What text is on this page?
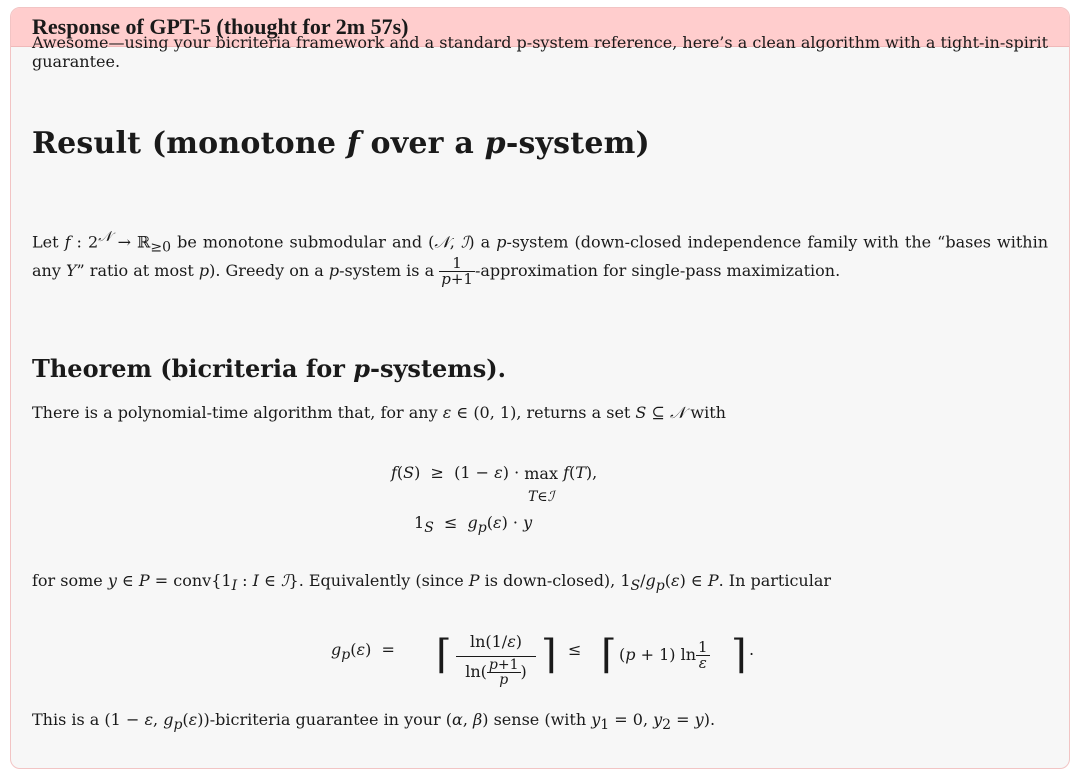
Response of GPT-5 (thought for 2m 57s)
Awesome—using your bicriteria framework and a standard p-system reference, here’s a clean algorithm with a tight-in-spirit guarantee.
Result (monotone f over a p-system)
Let f : $2^𝒩$ → ℝ$_{\ge 0}$ be monotone submodular and (𝒩, ℐ) a p-system (down-closed independence family with the “bases within any Y” ratio at most p). Greedy on a p-system is a $\frac{1}{p+1}$ -approximation for single-pass maximization.
Theorem (bicriteria for p-systems).
There is a polynomial-time algorithm that, for any ε ∈ (0, 1), returns a set S ⊆ 𝒩 with
f(S)  ≥  (1 − ε) · max
T∈ℐ f(T),
$1_S \le g_p(\varepsilon) \cdot y$
for some y ∈ $P = conv\{1_I$ : I ∈ ℐ}. Equivalently (since P is down-closed), $1_S/g_p(\varepsilon)$ ∈ P. In particular
$g_p(\varepsilon)$  = ⌈	ln(1/ε)
$\ln( \frac{p+1}{p}$ ) ⌉ ≤ ⌈ (p + 1) $\ln \frac{1}{\varepsilon}$ ⌉ .
This is a (1 − ε, $g_p(\varepsilon)$)-bicriteria guarantee in your (α, β) sense (with $y_1 = 0$, $y_2 = y$).
